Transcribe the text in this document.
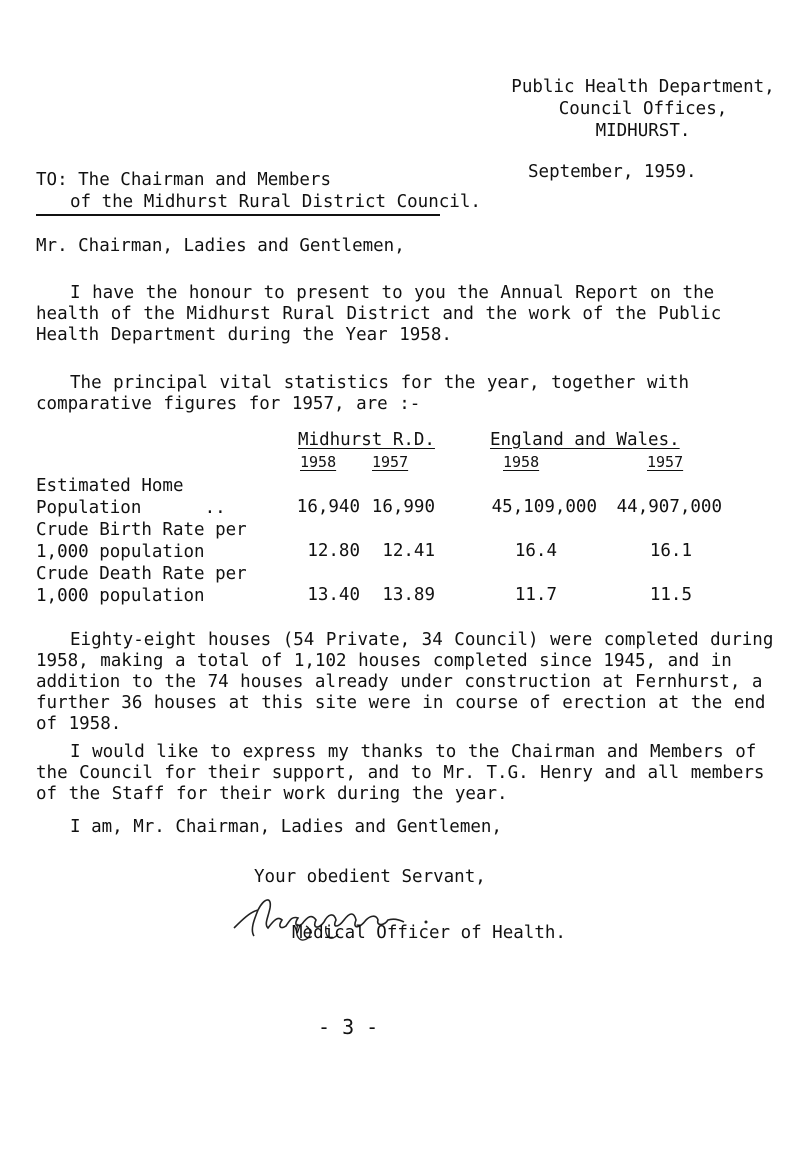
Public Health Department,
Council Offices,
MIDHURST.
September, 1959.
TO: The Chairman and Members
of the Midhurst Rural District Council.
Mr. Chairman, Ladies and Gentlemen,
I have the honour to present to you the Annual Report on the health of the Midhurst Rural District and the work of the Public Health Department during the Year 1958.
The principal vital statistics for the year, together with comparative figures for 1957, are :-
Midhurst R.D.	England and Wales.
1958 1957	1958	1957
Estimated Home
Population      ..	16,940 16,990	45,109,000	44,907,000
Crude Birth Rate per
1,000 population	12.80	12.41	16.4	16.1
Crude Death Rate per
1,000 population	13.40	13.89	11.7	11.5
Eighty-eight houses (54 Private, 34 Council) were completed during 1958, making a total of 1,102 houses completed since 1945, and in addition to the 74 houses already under construction at Fernhurst, a further 36 houses at this site were in course of erection at the end of 1958.
I would like to express my thanks to the Chairman and Members of the Council for their support, and to Mr. T.G. Henry and all members of the Staff for their work during the year.
I am, Mr. Chairman, Ladies and Gentlemen,
Your obedient Servant,
Medical Officer of Health.
- 3 -
